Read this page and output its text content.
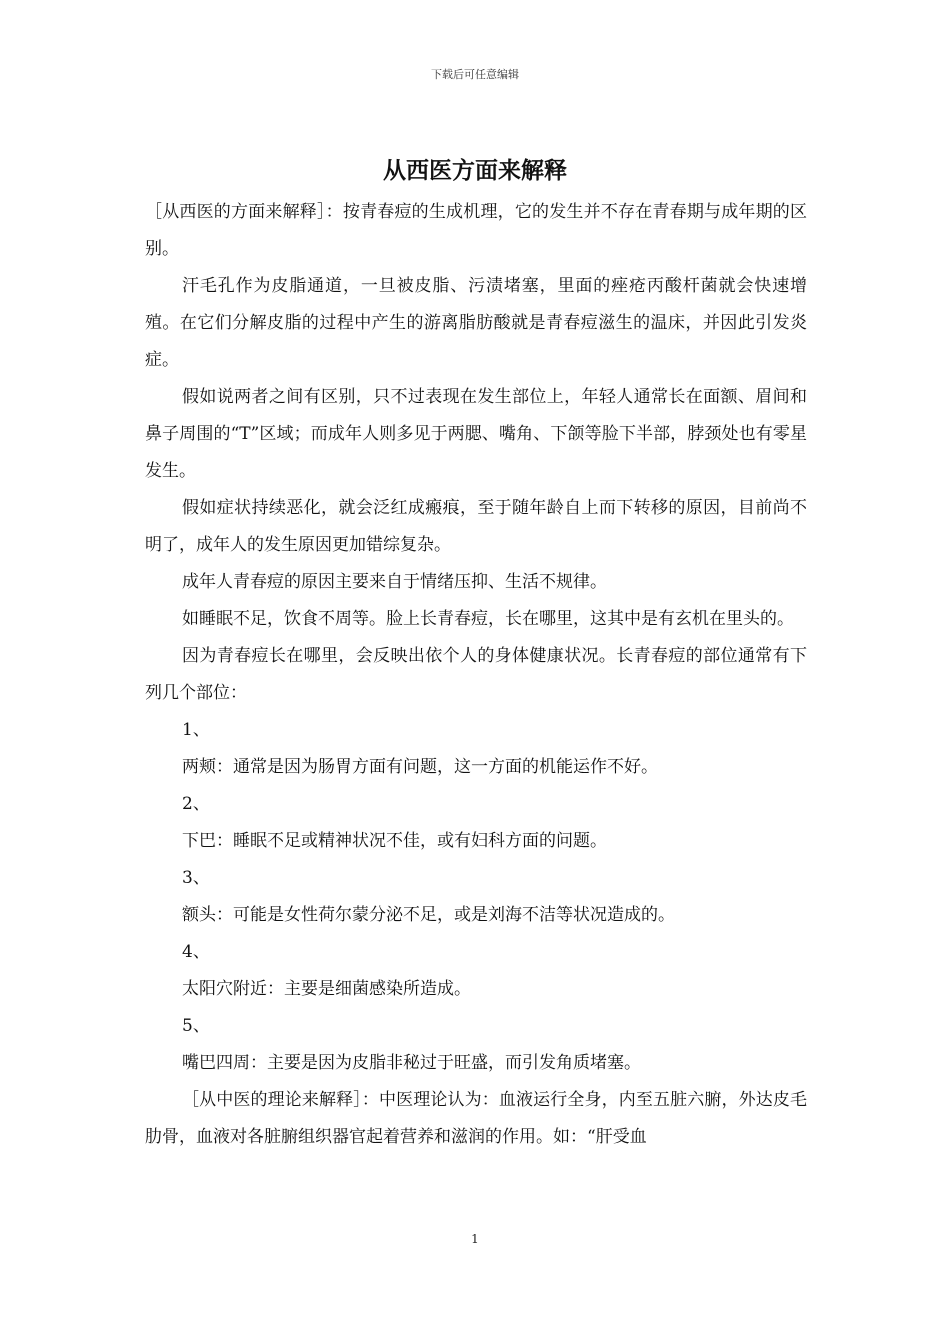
下载后可任意编辑
从西医方面来解释

［从西医的方面来解释］：按青春痘的生成机理，它的发生并不存在青春期与成年期的区别。

汗毛孔作为皮脂通道，一旦被皮脂、污渍堵塞，里面的痤疮丙酸杆菌就会快速增殖。在它们分解皮脂的过程中产生的游离脂肪酸就是青春痘滋生的温床，并因此引发炎症。

假如说两者之间有区别，只不过表现在发生部位上，年轻人通常长在面额、眉间和鼻子周围的“T”区域；而成年人则多见于两腮、嘴角、下颌等脸下半部，脖颈处也有零星发生。

假如症状持续恶化，就会泛红成瘢痕，至于随年龄自上而下转移的原因，目前尚不明了，成年人的发生原因更加错综复杂。

成年人青春痘的原因主要来自于情绪压抑、生活不规律。

如睡眠不足，饮食不周等。脸上长青春痘，长在哪里，这其中是有玄机在里头的。

因为青春痘长在哪里，会反映出依个人的身体健康状况。长青春痘的部位通常有下列几个部位：

1、

两颊：通常是因为肠胃方面有问题，这一方面的机能运作不好。

2、

下巴：睡眠不足或精神状况不佳，或有妇科方面的问题。

3、

额头：可能是女性荷尔蒙分泌不足，或是刘海不洁等状况造成的。

4、

太阳穴附近：主要是细菌感染所造成。

5、

嘴巴四周：主要是因为皮脂非秘过于旺盛，而引发角质堵塞。

［从中医的理论来解释］：中医理论认为：血液运行全身，内至五脏六腑，外达皮毛肋骨，血液对各脏腑组织器官起着营养和滋润的作用。如：“肝受血

1
